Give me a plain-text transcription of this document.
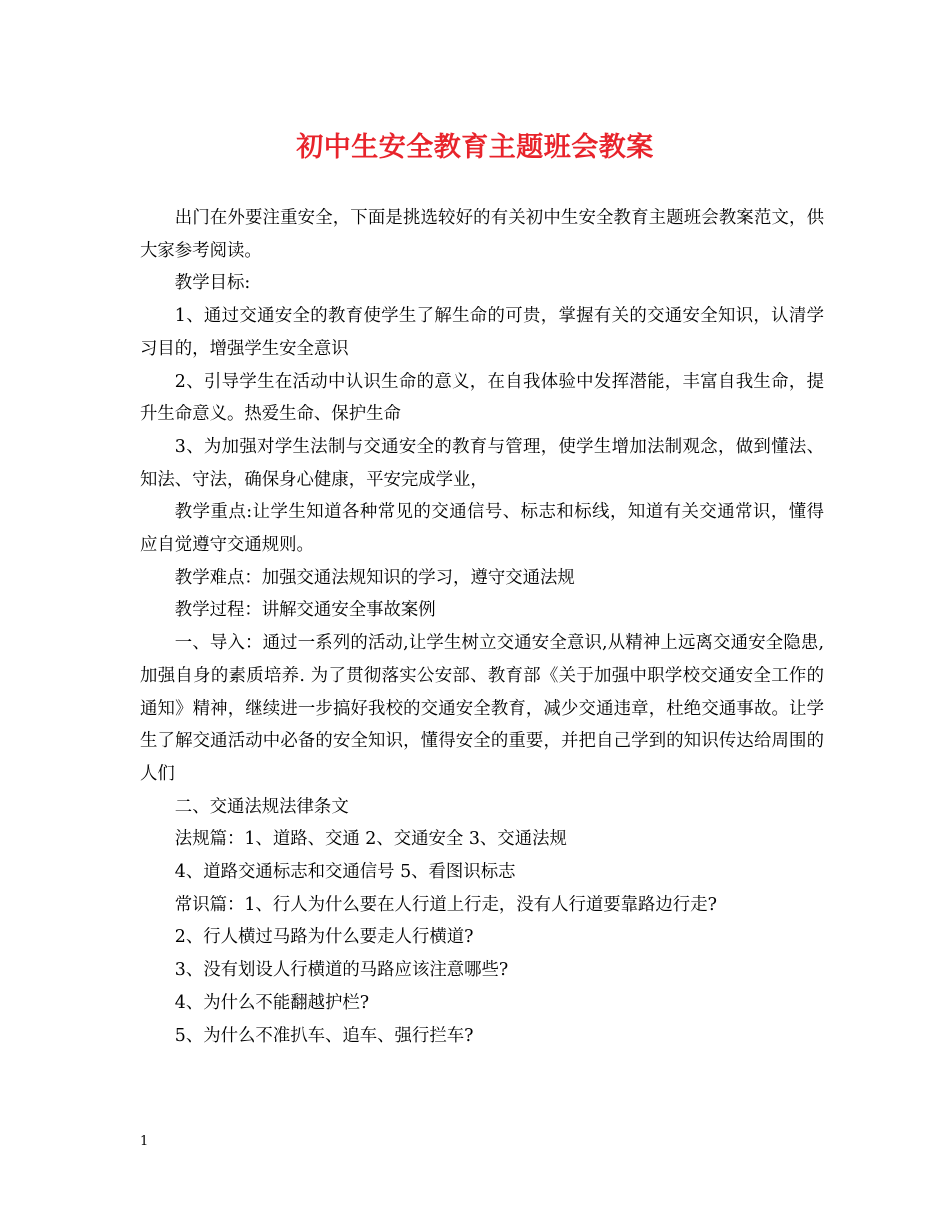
初中生安全教育主题班会教案

出门在外要注重安全，下面是挑选较好的有关初中生安全教育主题班会教案范文，供大家参考阅读。

教学目标:

1、通过交通安全的教育使学生了解生命的可贵，掌握有关的交通安全知识，认清学习目的，增强学生安全意识

2、引导学生在活动中认识生命的意义，在自我体验中发挥潜能，丰富自我生命，提升生命意义。热爱生命、保护生命

3、为加强对学生法制与交通安全的教育与管理，使学生增加法制观念，做到懂法、知法、守法，确保身心健康，平安完成学业，

教学重点:让学生知道各种常见的交通信号、标志和标线，知道有关交通常识，懂得应自觉遵守交通规则。

教学难点：加强交通法规知识的学习，遵守交通法规

教学过程：讲解交通安全事故案例

一、导入：通过一系列的活动,让学生树立交通安全意识,从精神上远离交通安全隐患,加强自身的素质培养. 为了贯彻落实公安部、教育部《关于加强中职学校交通安全工作的通知》精神，继续进一步搞好我校的交通安全教育，减少交通违章，杜绝交通事故。让学生了解交通活动中必备的安全知识，懂得安全的重要，并把自己学到的知识传达给周围的人们

二、交通法规法律条文

法规篇：1、道路、交通 2、交通安全 3、交通法规

4、道路交通标志和交通信号 5、看图识标志

常识篇：1、行人为什么要在人行道上行走，没有人行道要靠路边行走?

2、行人横过马路为什么要走人行横道?

3、没有划设人行横道的马路应该注意哪些?

4、为什么不能翻越护栏?

5、为什么不准扒车、追车、强行拦车?

1
